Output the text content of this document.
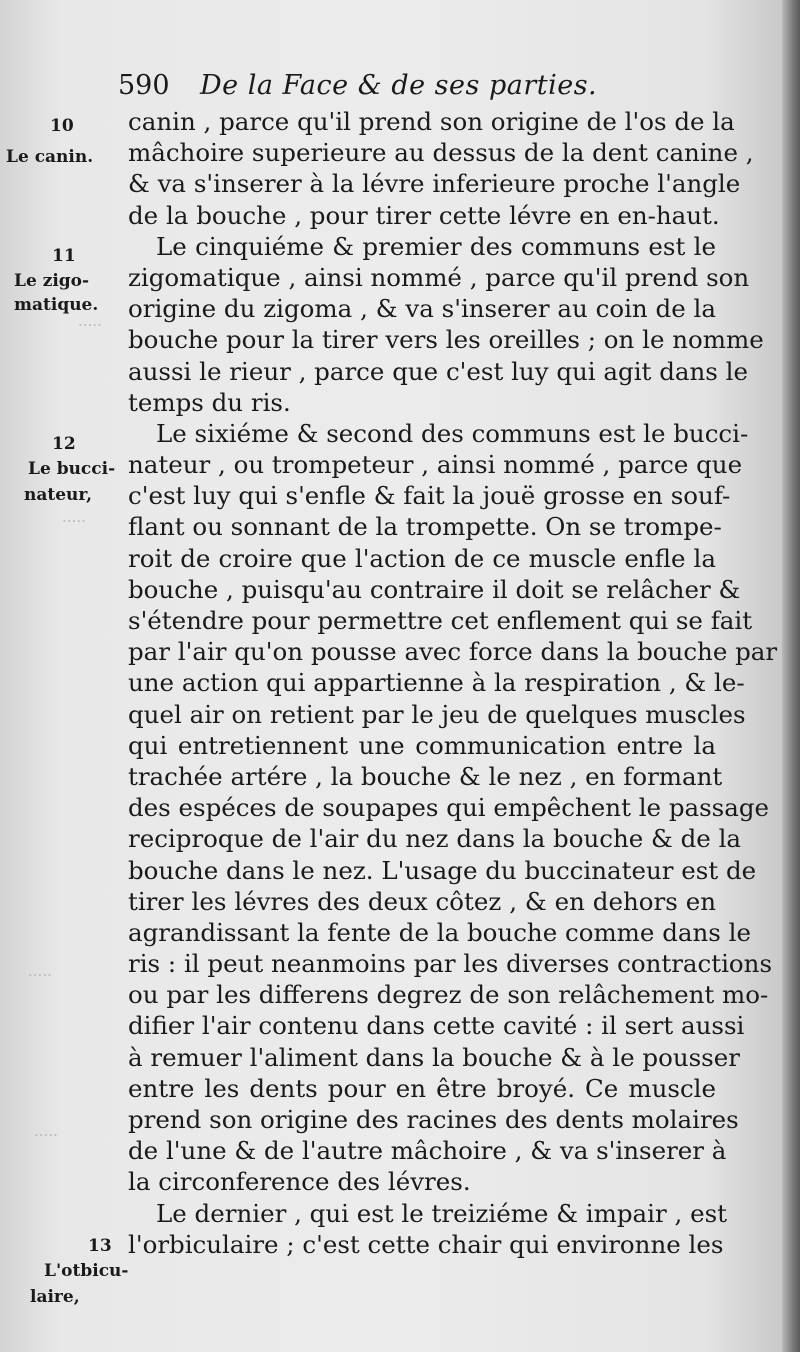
590 De la Face & de ses parties.
10
Le canin.
11
Le zigo-
matique.
12
Le bucci-
nateur,
13
L'otbicu-
laire,
·····
·····
·····
·····
canin , parce qu'il prend son origine de l'os de la
mâchoire superieure au dessus de la dent canine ,
& va s'inserer à la lévre inferieure proche l'angle
de la bouche , pour tirer cette lévre en en-haut.
Le cinquiéme & premier des communs est le
zigomatique , ainsi nommé , parce qu'il prend son
origine du zigoma , & va s'inserer au coin de la
bouche pour la tirer vers les oreilles ; on le nomme
aussi le rieur , parce que c'est luy qui agit dans le
temps du ris.
Le sixiéme & second des communs est le bucci-
nateur , ou trompeteur , ainsi nommé , parce que
c'est luy qui s'enfle & fait la jouë grosse en souf-
flant ou sonnant de la trompette. On se trompe-
roit de croire que l'action de ce muscle enfle la
bouche , puisqu'au contraire il doit se relâcher &
s'étendre pour permettre cet enflement qui se fait
par l'air qu'on pousse avec force dans la bouche par
une action qui appartienne à la respiration , & le-
quel air on retient par le jeu de quelques muscles
qui entretiennent une communication entre la
trachée artére , la bouche & le nez , en formant
des espéces de soupapes qui empêchent le passage
reciproque de l'air du nez dans la bouche & de la
bouche dans le nez. L'usage du buccinateur est de
tirer les lévres des deux côtez , & en dehors en
agrandissant la fente de la bouche comme dans le
ris : il peut neanmoins par les diverses contractions
ou par les differens degrez de son relâchement mo-
difier l'air contenu dans cette cavité : il sert aussi
à remuer l'aliment dans la bouche & à le pousser
entre les dents pour en être broyé. Ce muscle
prend son origine des racines des dents molaires
de l'une & de l'autre mâchoire , & va s'inserer à
la circonference des lévres.
Le dernier , qui est le treiziéme & impair , est
l'orbiculaire ; c'est cette chair qui environne les
